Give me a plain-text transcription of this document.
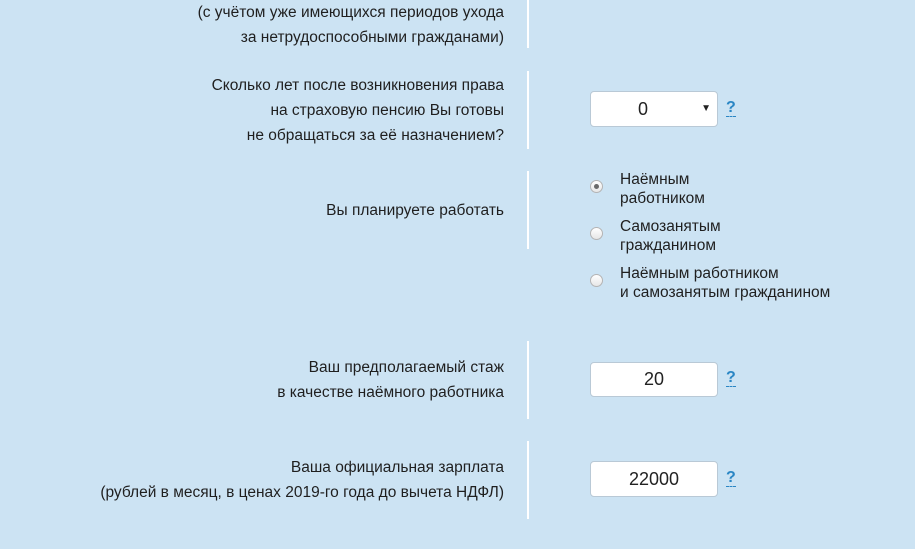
(с учётом уже имеющихся периодов ухода
за нетрудоспособными гражданами)
Сколько лет после возникновения права
на страховую пенсию Вы готовы
не обращаться за её назначением?
0	▼ ?
Вы планируете работать
Наёмным
работником
Самозанятым
гражданином
Наёмным работником
и самозанятым гражданином
Ваш предполагаемый стаж
в качестве наёмного работника
20	?
Ваша официальная зарплата
(рублей в месяц, в ценах 2019-го года до вычета НДФЛ)
22000	?
